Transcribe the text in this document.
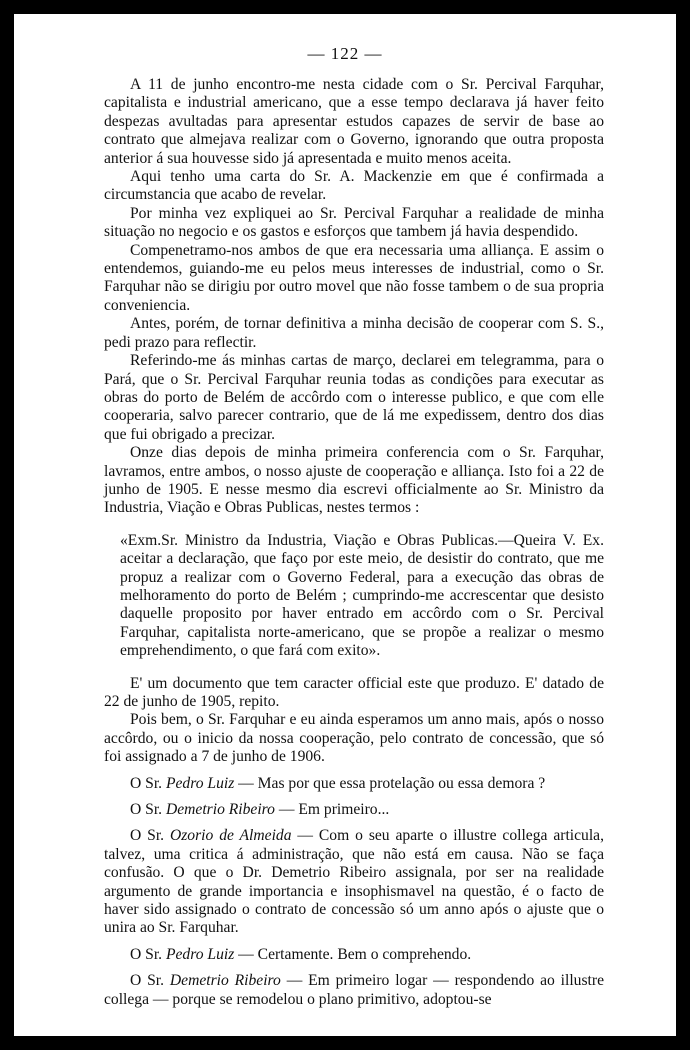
— 122 —

A 11 de junho encontro-me nesta cidade com o Sr. Percival Farquhar, capitalista e industrial americano, que a esse tempo declarava já haver feito despezas avultadas para apresentar estudos capazes de servir de base ao contrato que almejava realizar com o Governo, ignorando que outra proposta anterior á sua houvesse sido já apresentada e muito menos aceita.

Aqui tenho uma carta do Sr. A. Mackenzie em que é confirmada a circumstancia que acabo de revelar.

Por minha vez expliquei ao Sr. Percival Farquhar a realidade de minha situação no negocio e os gastos e esforços que tambem já havia despendido.

Compenetramo-nos ambos de que era necessaria uma alliança. E assim o entendemos, guiando-me eu pelos meus interesses de industrial, como o Sr. Farquhar não se dirigiu por outro movel que não fosse tambem o de sua propria conveniencia.

Antes, porém, de tornar definitiva a minha decisão de cooperar com S. S., pedi prazo para reflectir.

Referindo-me ás minhas cartas de março, declarei em telegramma, para o Pará, que o Sr. Percival Farquhar reunia todas as condições para executar as obras do porto de Belém de accôrdo com o interesse publico, e que com elle cooperaria, salvo parecer contrario, que de lá me expedissem, dentro dos dias que fui obrigado a precizar.

Onze dias depois de minha primeira conferencia com o Sr. Farquhar, lavramos, entre ambos, o nosso ajuste de cooperação e alliança. Isto foi a 22 de junho de 1905. E nesse mesmo dia escrevi officialmente ao Sr. Ministro da Industria, Viação e Obras Publicas, nestes termos :

«Exm.Sr. Ministro da Industria, Viação e Obras Publicas.—Queira V. Ex. aceitar a declaração, que faço por este meio, de desistir do contrato, que me propuz a realizar com o Governo Federal, para a execução das obras de melhoramento do porto de Belém ; cumprindo-me accrescentar que desisto daquelle proposito por haver entrado em accôrdo com o Sr. Percival Farquhar, capitalista norte-americano, que se propõe a realizar o mesmo emprehendimento, o que fará com exito».

E' um documento que tem caracter official este que produzo. E' datado de 22 de junho de 1905, repito.

Pois bem, o Sr. Farquhar e eu ainda esperamos um anno mais, após o nosso accôrdo, ou o inicio da nossa cooperação, pelo contrato de concessão, que só foi assignado a 7 de junho de 1906.

O Sr. Pedro Luiz — Mas por que essa protelação ou essa demora ?

O Sr. Demetrio Ribeiro — Em primeiro...

O Sr. Ozorio de Almeida — Com o seu aparte o illustre collega articula, talvez, uma critica á administração, que não está em causa. Não se faça confusão. O que o Dr. Demetrio Ribeiro assignala, por ser na realidade argumento de grande importancia e insophismavel na questão, é o facto de haver sido assignado o contrato de concessão só um anno após o ajuste que o unira ao Sr. Farquhar.

O Sr. Pedro Luiz — Certamente. Bem o comprehendo.

O Sr. Demetrio Ribeiro — Em primeiro logar — respondendo ao illustre collega — porque se remodelou o plano primitivo, adoptou-se
